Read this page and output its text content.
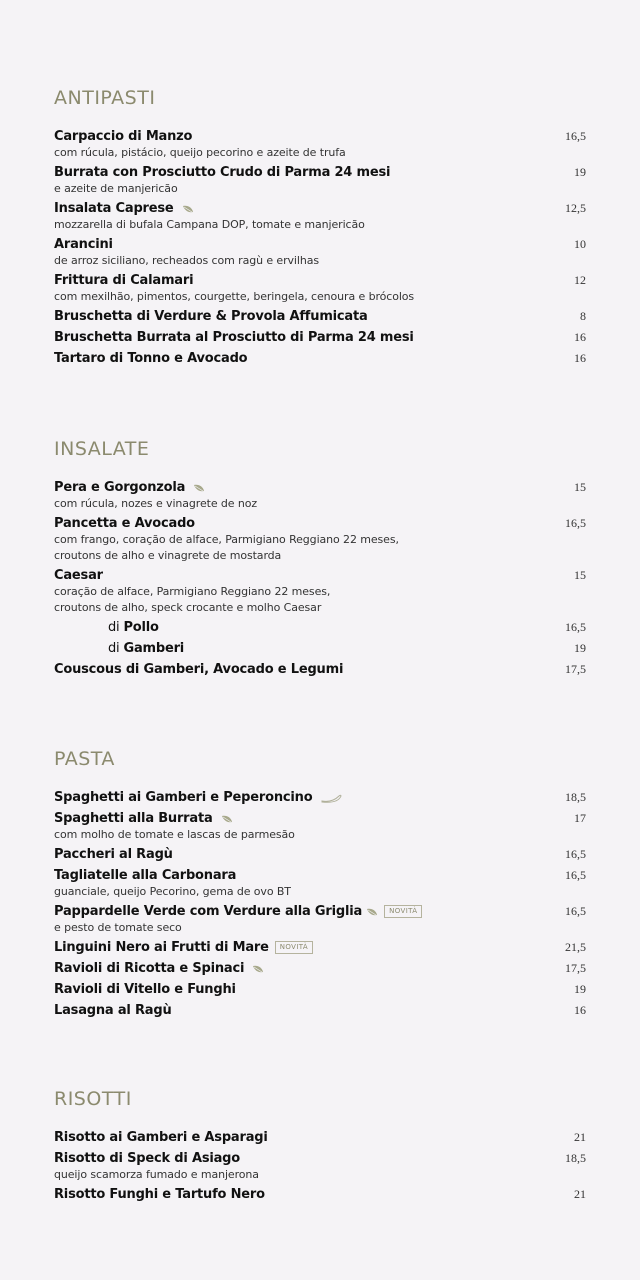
ANTIPASTI
Carpaccio di Manzo	16,5
com rúcula, pistácio, queijo pecorino e azeite de trufa
Burrata con Prosciutto Crudo di Parma 24 mesi	19
e azeite de manjericão
Insalata Caprese	12,5
mozzarella di bufala Campana DOP, tomate e manjericão
Arancini	10
de arroz siciliano, recheados com ragù e ervilhas
Frittura di Calamari	12
com mexilhão, pimentos, courgette, beringela, cenoura e brócolos
Bruschetta di Verdure & Provola Affumicata	8
Bruschetta Burrata al Prosciutto di Parma 24 mesi	16
Tartaro di Tonno e Avocado	16
INSALATE
Pera e Gorgonzola	15
com rúcula, nozes e vinagrete de noz
Pancetta e Avocado	16,5
com frango, coração de alface, Parmigiano Reggiano 22 meses,
croutons de alho e vinagrete de mostarda
Caesar	15
coração de alface, Parmigiano Reggiano 22 meses,
croutons de alho, speck crocante e molho Caesar
di Pollo	16,5
di Gamberi	19
Couscous di Gamberi, Avocado e Legumi	17,5
PASTA
Spaghetti ai Gamberi e Peperoncino	18,5
Spaghetti alla Burrata	17
com molho de tomate e lascas de parmesão
Paccheri al Ragù	16,5
Tagliatelle alla Carbonara	16,5
guanciale, queijo Pecorino, gema de ovo BT
Pappardelle Verde com Verdure alla Griglia	NOVITÀ	16,5
e pesto de tomate seco
Linguini Nero ai Frutti di Mare	NOVITÀ	21,5
Ravioli di Ricotta e Spinaci	17,5
Ravioli di Vitello e Funghi	19
Lasagna al Ragù	16
RISOTTI
Risotto ai Gamberi e Asparagi	21
Risotto di Speck di Asiago	18,5
queijo scamorza fumado e manjerona
Risotto Funghi e Tartufo Nero	21
